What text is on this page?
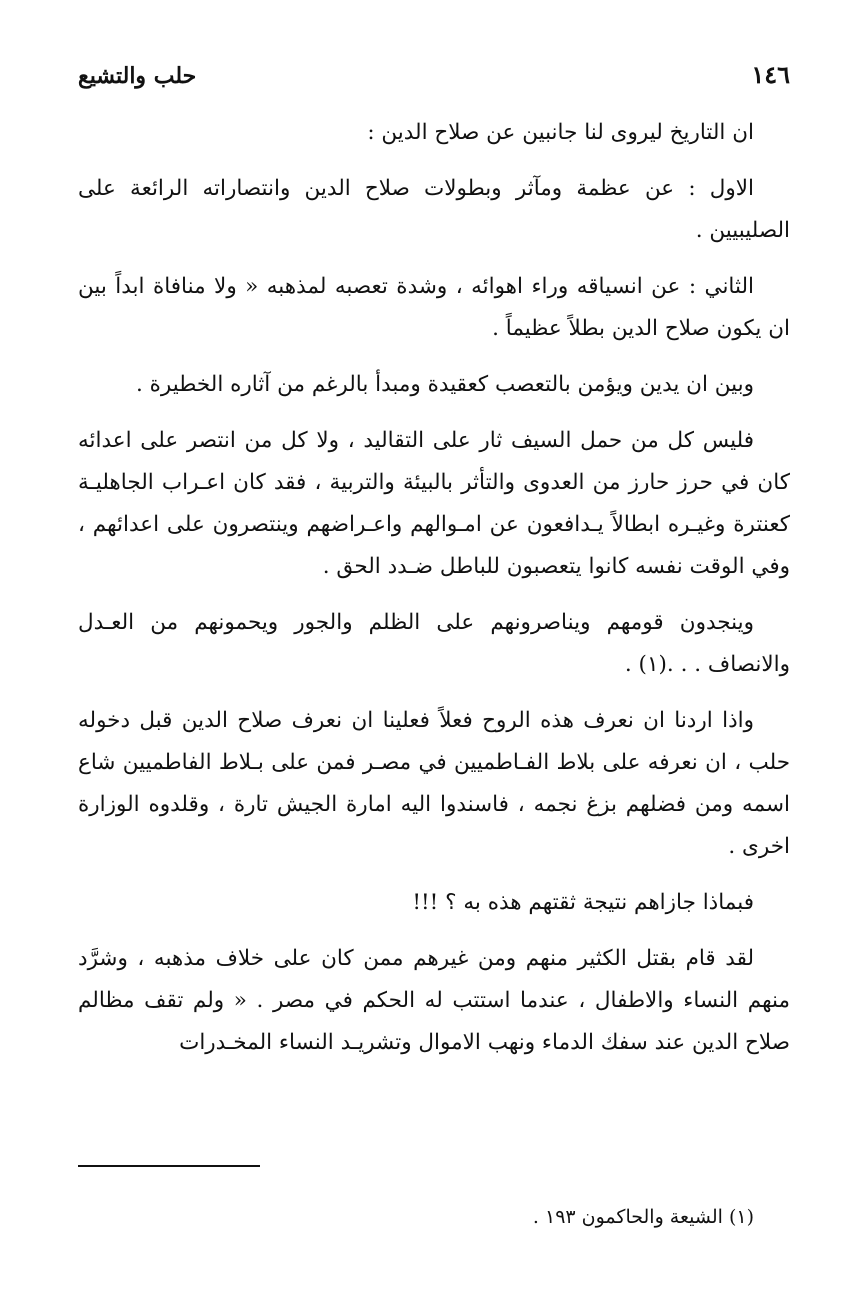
١٤٦
حلب والتشيع

ان التاريخ ليروى لنا جانبين عن صلاح الدين :

الاول : عن عظمة ومآثر وبطولات صلاح الدين وانتصاراته الرائعة على الصليبيين .

الثاني : عن انسياقه وراء اهوائه ، وشدة تعصبه لمذهبه « ولا منافاة ابداً بين ان يكون صلاح الدين بطلاً عظيماً .

وبين ان يدين ويؤمن بالتعصب كعقيدة ومبدأ بالرغم من آثاره الخطيرة .

فليس كل من حمل السيف ثار على التقاليد ، ولا كل من انتصر على اعدائه كان في حرز حارز من العدوى والتأثر بالبيئة والتربية ، فقد كان اعـراب الجاهليـة كعنترة وغيـره ابطالاً يـدافعون عن امـوالهم واعـراضهم وينتصرون على اعدائهم ، وفي الوقت نفسه كانوا يتعصبون للباطل ضـدد الحق .

وينجدون قومهم ويناصرونهم على الظلم والجور ويحمونهم من العـدل والانصاف . . .(١) .

واذا اردنا ان نعرف هذه الروح فعلاً فعلينا ان نعرف صلاح الدين قبل دخوله حلب ، ان نعرفه على بلاط الفـاطميين في مصـر فمن على بـلاط الفاطميين شاع اسمه ومن فضلهم بزغ نجمه ، فاسندوا اليه امارة الجيش تارة ، وقلدوه الوزارة اخرى .

فبماذا جازاهم نتيجة ثقتهم هذه به ؟ !!!

لقد قام بقتل الكثير منهم ومن غيرهم ممن كان على خلاف مذهبه ، وشرَّد منهم النساء والاطفال ، عندما استتب له الحكم في مصر . « ولم تقف مظالم صلاح الدين عند سفك الدماء ونهب الاموال وتشريـد النساء المخـدرات

(١) الشيعة والحاكمون ١٩٣ .
